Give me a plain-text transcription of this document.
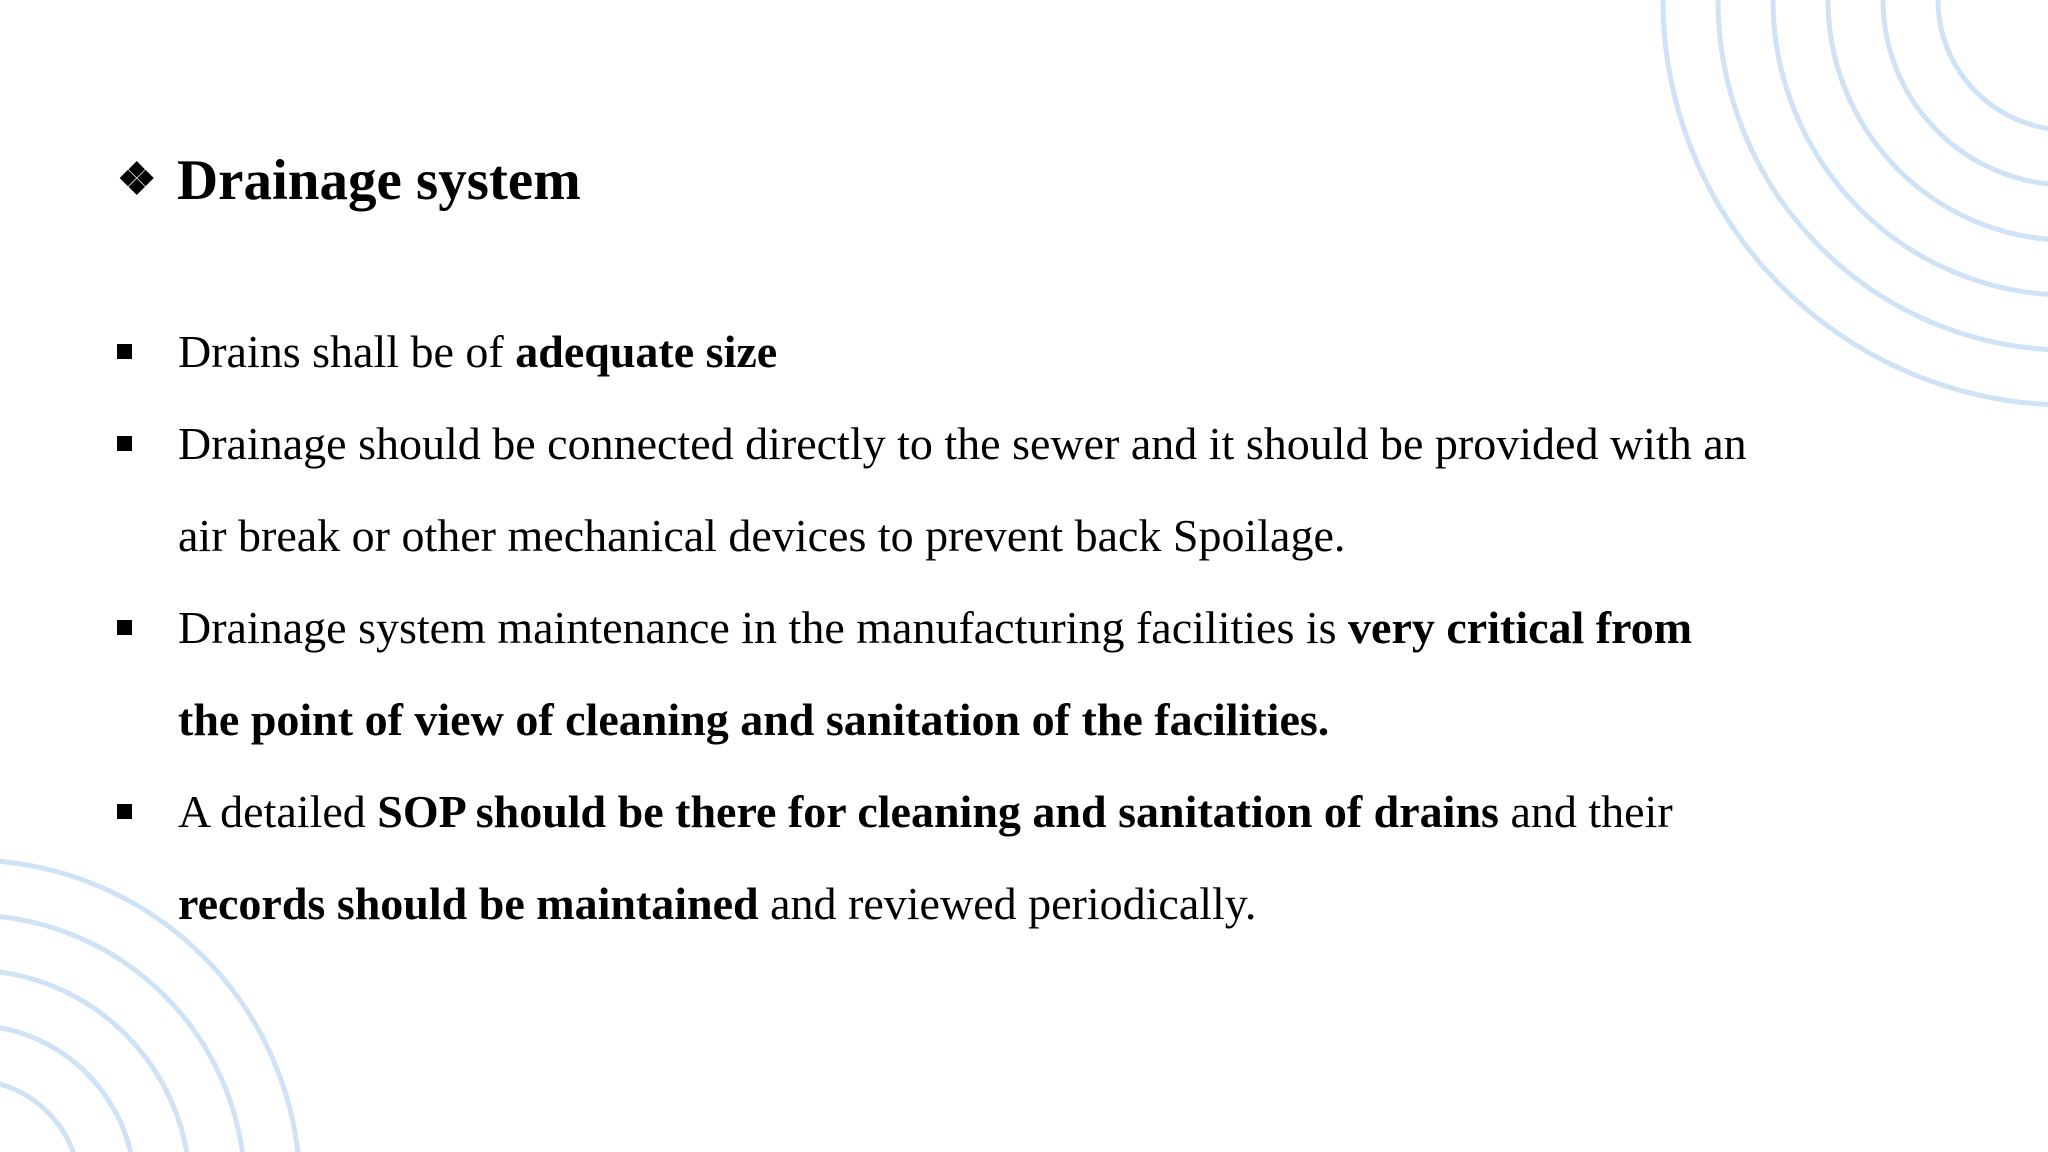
❖ Drainage system
Drains shall be of adequate size
Drainage should be connected directly to the sewer and it should be provided with an
air break or other mechanical devices to prevent back Spoilage.
Drainage system maintenance in the manufacturing facilities is very critical from
the point of view of cleaning and sanitation of the facilities.
A detailed SOP should be there for cleaning and sanitation of drains and their
records should be maintained and reviewed periodically.
